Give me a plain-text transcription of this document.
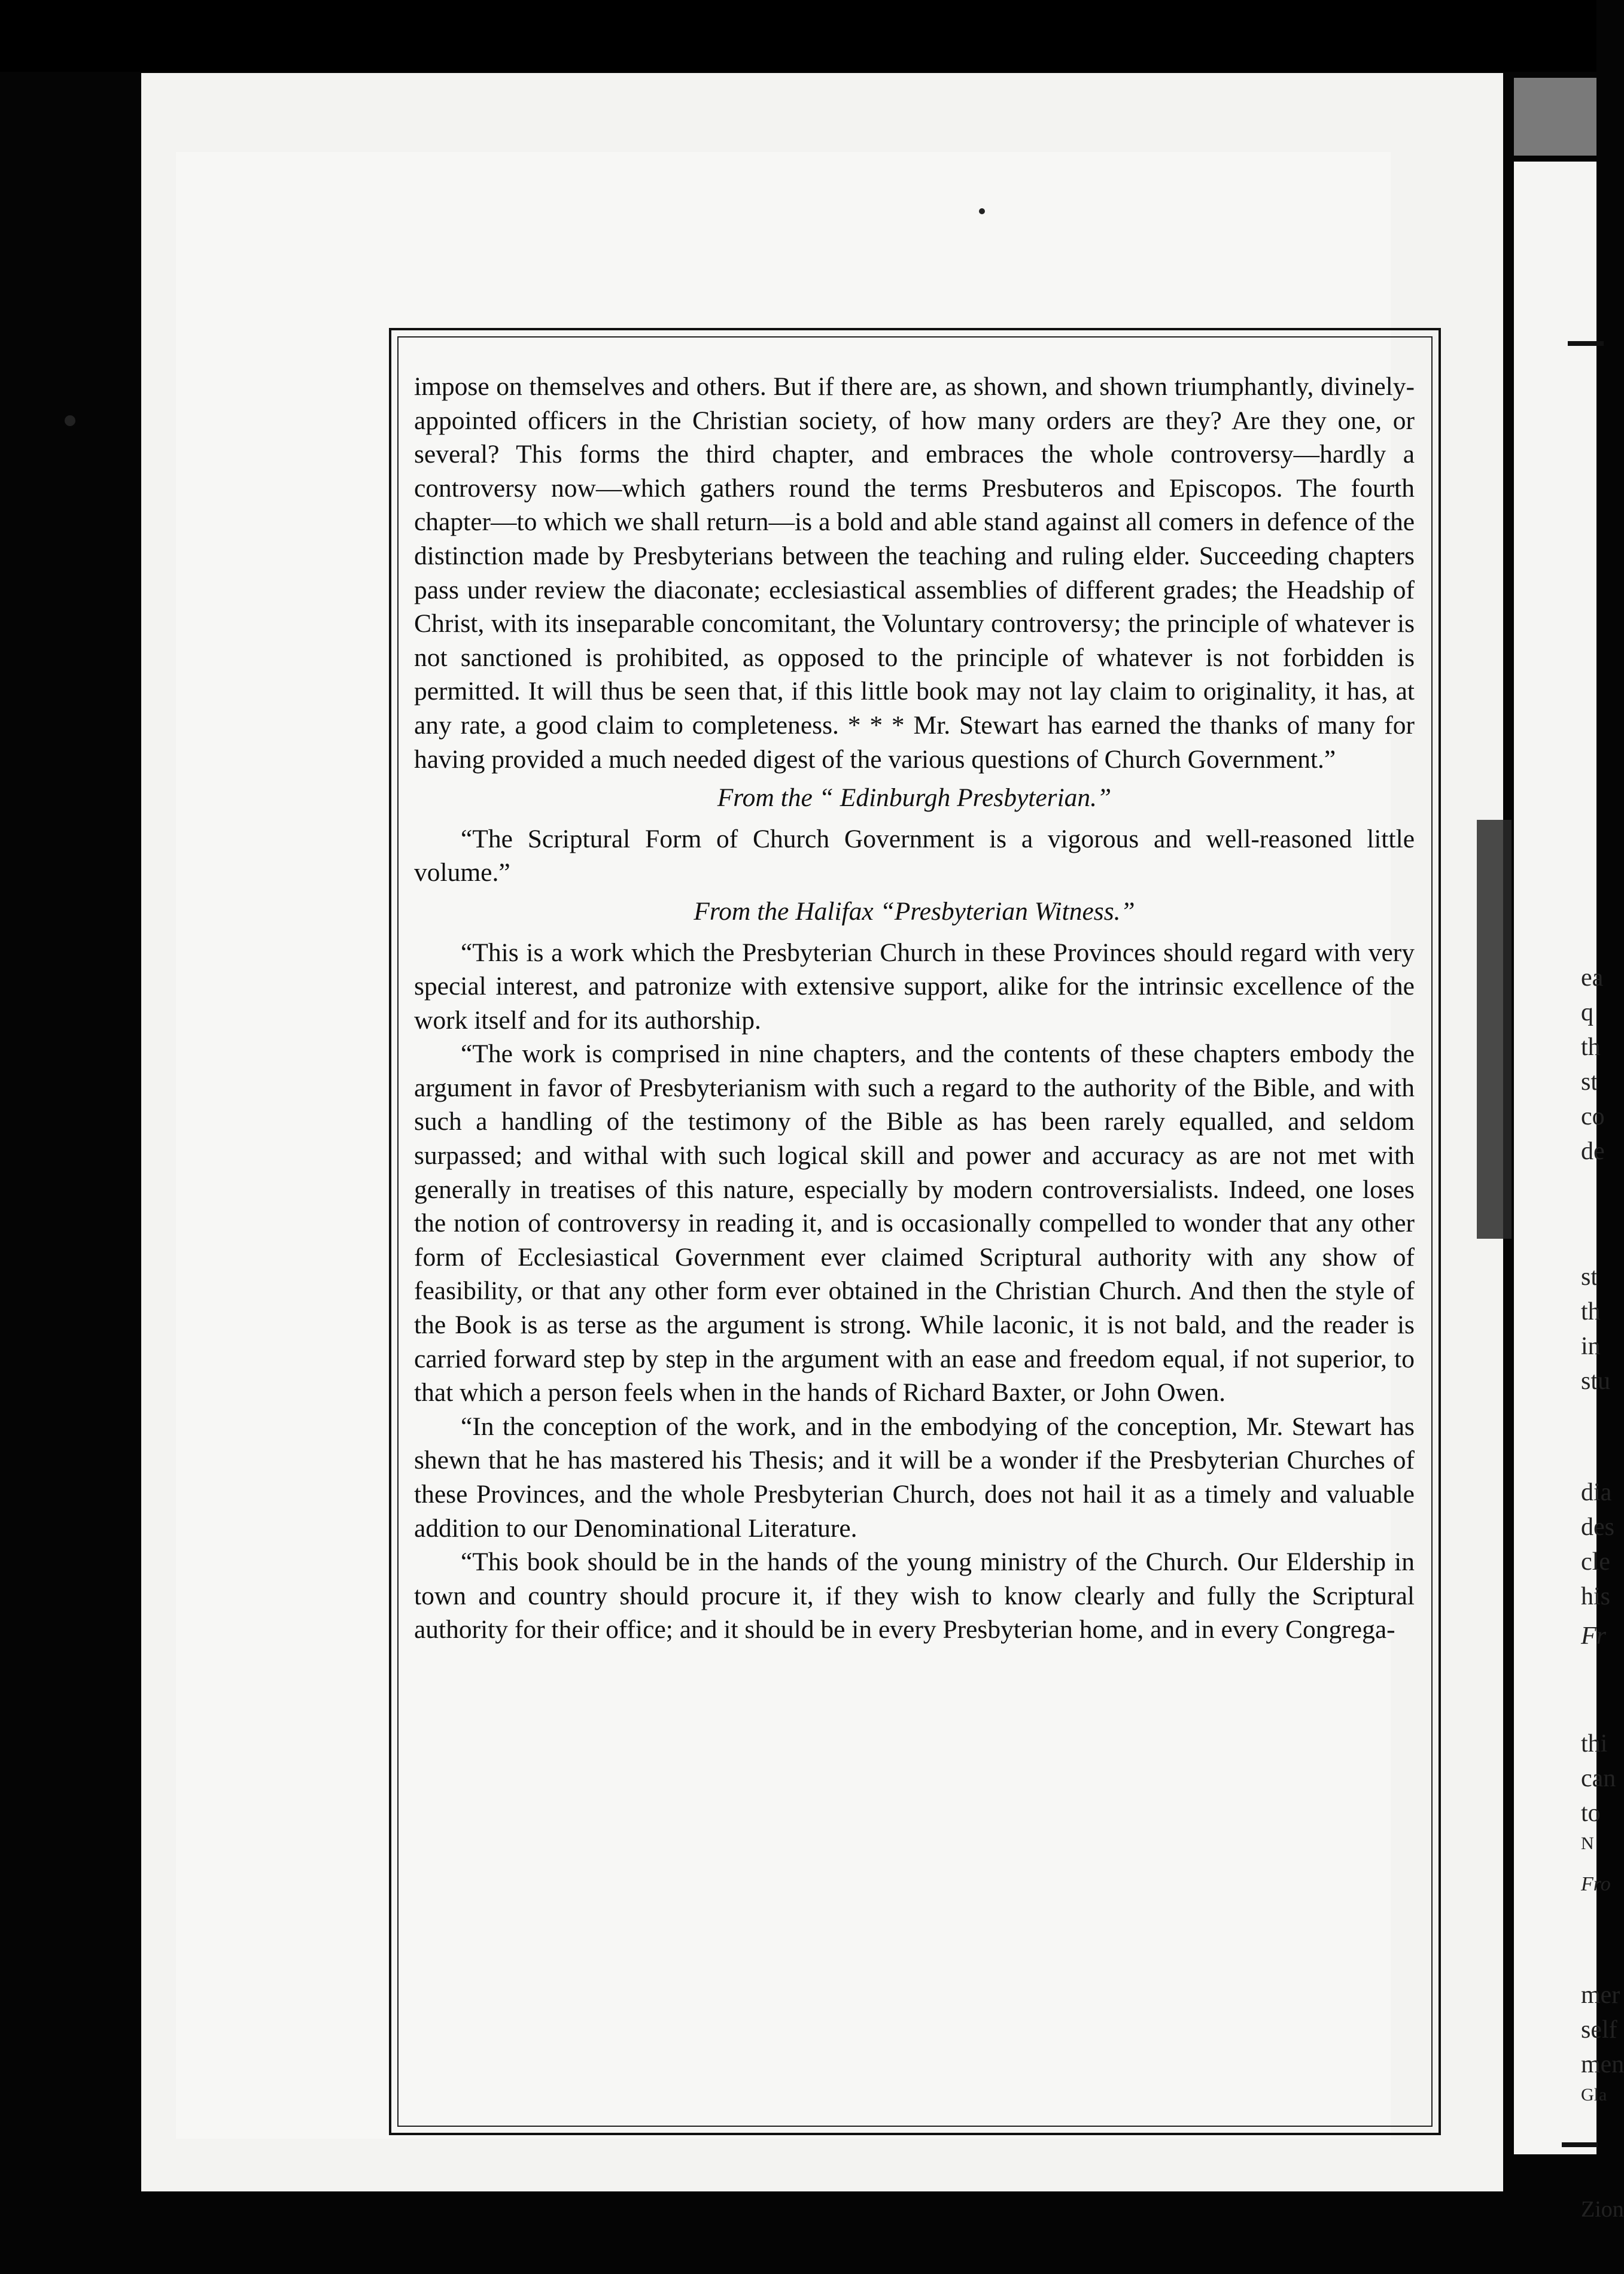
ea
q
th
st
co
de
st
th
in
stu
dia
des
cle
his
Fr
thi
can
to
N
Fro
mer
self
men
Gla
Zion

impose on themselves and others. But if there are, as shown, and shown triumphantly, divinely-appointed officers in the Christian society, of how many orders are they? Are they one, or several? This forms the third chapter, and embraces the whole controversy—hardly a controversy now—which gathers round the terms Presbuteros and Episcopos. The fourth chapter—to which we shall return—is a bold and able stand against all comers in defence of the distinction made by Presbyterians between the teaching and ruling elder. Succeeding chapters pass under review the diaconate; ecclesiastical assemblies of different grades; the Headship of Christ, with its inseparable concomitant, the Voluntary controversy; the principle of whatever is not sanctioned is prohibited, as opposed to the principle of whatever is not forbidden is permitted. It will thus be seen that, if this little book may not lay claim to originality, it has, at any rate, a good claim to completeness. * * * Mr. Stewart has earned the thanks of many for having provided a much needed digest of the various questions of Church Government.”

From the “ Edinburgh Presbyterian.”

“The Scriptural Form of Church Government is a vigorous and well-reasoned little volume.”

From the Halifax “Presbyterian Witness.”

“This is a work which the Presbyterian Church in these Provinces should regard with very special interest, and patronize with extensive support, alike for the intrinsic excellence of the work itself and for its authorship.

“The work is comprised in nine chapters, and the contents of these chapters embody the argument in favor of Presbyterianism with such a regard to the authority of the Bible, and with such a handling of the testimony of the Bible as has been rarely equalled, and seldom surpassed; and withal with such logical skill and power and accuracy as are not met with generally in treatises of this nature, especially by modern controversialists. Indeed, one loses the notion of controversy in reading it, and is occasionally compelled to wonder that any other form of Ecclesiastical Government ever claimed Scriptural authority with any show of feasibility, or that any other form ever obtained in the Christian Church. And then the style of the Book is as terse as the argument is strong. While laconic, it is not bald, and the reader is carried forward step by step in the argument with an ease and freedom equal, if not superior, to that which a person feels when in the hands of Richard Baxter, or John Owen.

“In the conception of the work, and in the embodying of the conception, Mr. Stewart has shewn that he has mastered his Thesis; and it will be a wonder if the Presbyterian Churches of these Provinces, and the whole Presbyterian Church, does not hail it as a timely and valuable addition to our Denominational Literature.

“This book should be in the hands of the young ministry of the Church. Our Eldership in town and country should procure it, if they wish to know clearly and fully the Scriptural authority for their office; and it should be in every Presbyterian home, and in every Congrega-
